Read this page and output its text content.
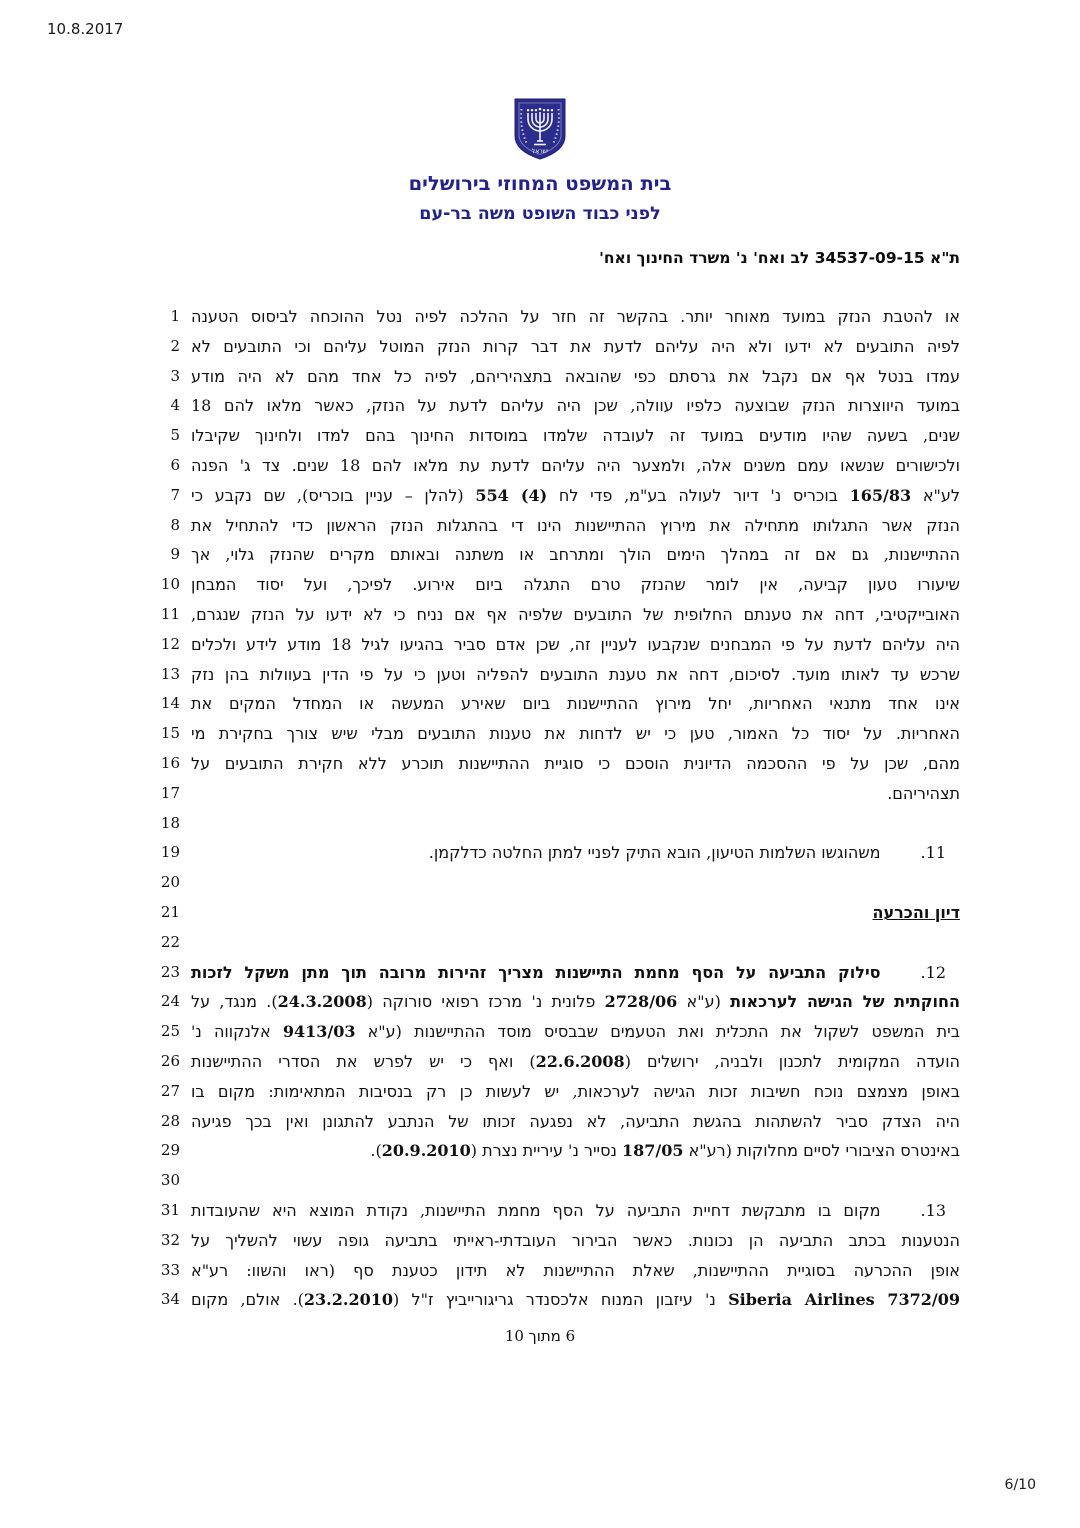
10.8.2017
ישראל
בית המשפט המחוזי בירושלים
לפני כבוד השופט משה בר-עם
ת"א ⁦34537-09-15⁩ לב ואח' נ' משרד החינוך ואח'
1 או להטבת הנזק במועד מאוחר יותר. בהקשר זה חזר על ההלכה לפיה נטל ההוכחה לביסוס הטענה
2 לפיה התובעים לא ידעו ולא היה עליהם לדעת את דבר קרות הנזק המוטל עליהם וכי התובעים לא
3 עמדו בנטל אף אם נקבל את גרסתם כפי שהובאה בתצהיריהם, לפיה כל אחד מהם לא היה מודע
4 במועד היווצרות הנזק שבוצעה כלפיו עוולה, שכן היה עליהם לדעת על הנזק, כאשר מלאו להם 18
5 שנים, בשעה שהיו מודעים במועד זה לעובדה שלמדו במוסדות החינוך בהם למדו ולחינוך שקיבלו
6 ולכישורים שנשאו עמם משנים אלה, ולמצער היה עליהם לדעת עת מלאו להם 18 שנים. צד ג' הפנה
7	לע"א 165/83 בוכריס נ' דיור לעולה בע"מ, פדי לח (4) 554 (להלן – עניין בוכריס), שם נקבע כי
8 הנזק אשר התגלותו מתחילה את מירוץ ההתיישנות הינו די בהתגלות הנזק הראשון כדי להתחיל את
9 ההתיישנות, גם אם זה במהלך הימים הולך ומתרחב או משתנה ובאותם מקרים שהנזק גלוי, אך
10 שיעורו טעון קביעה, אין לומר שהנזק טרם התגלה ביום אירוע. לפיכך, ועל יסוד המבחן
11 האובייקטיבי, דחה את טענתם החלופית של התובעים שלפיה אף אם נניח כי לא ידעו על הנזק שנגרם,
12 היה עליהם לדעת על פי המבחנים שנקבעו לעניין זה, שכן אדם סביר בהגיעו לגיל 18 מודע לידע ולכלים
13 שרכש עד לאותו מועד. לסיכום, דחה את טענת התובעים להפליה וטען כי על פי הדין בעוולות בהן נזק
14 אינו אחד מתנאי האחריות, יחל מירוץ ההתיישנות ביום שאירע המעשה או המחדל המקים את
15 האחריות. על יסוד כל האמור, טען כי יש לדחות את טענות התובעים מבלי שיש צורך בחקירת מי
16 מהם, שכן על פי ההסכמה הדיונית הוסכם כי סוגיית ההתיישנות תוכרע ללא חקירת התובעים על
17	תצהיריהם.
18
19	11.משהוגשו השלמות הטיעון, הובא התיק לפניי למתן החלטה כדלקמן.
20
21	דיון והכרעה
22
23	12.סילוק התביעה על הסף מחמת התיישנות מצריך זהירות מרובה תוך מתן משקל לזכות
24	החוקתית של הגישה לערכאות (ע"א 2728/06 פלונית נ' מרכז רפואי סורוקה (24.3.2008). מנגד, על
25	בית המשפט לשקול את התכלית ואת הטעמים שבבסיס מוסד ההתיישנות (ע"א 9413/03 אלנקווה נ'
26	הועדה המקומית לתכנון ולבניה, ירושלים (22.6.2008) ואף כי יש לפרש את הסדרי ההתיישנות
27 באופן מצמצם נוכח חשיבות זכות הגישה לערכאות, יש לעשות כן רק בנסיבות המתאימות: מקום בו
28 היה הצדק סביר להשתהות בהגשת התביעה, לא נפגעה זכותו של הנתבע להתגונן ואין בכך פגיעה
29	באינטרס הציבורי לסיים מחלוקות (רע"א 187/05 נסייר נ' עיריית נצרת (20.9.2010).
30
31	13.מקום בו מתבקשת דחיית התביעה על הסף מחמת התיישנות, נקודת המוצא היא שהעובדות
32 הנטענות בכתב התביעה הן נכונות. כאשר הבירור העובדתי-ראייתי בתביעה גופה עשוי להשליך על
33 אופן ההכרעה בסוגיית ההתיישנות, שאלת ההתיישנות לא תידון כטענת סף (ראו והשוו: רע"א
34	7372/09 Siberia Airlines נ' עיזבון המנוח אלכסנדר גריגורייביץ ז"ל (23.2.2010). אולם, מקום
6 מתוך 10
6/10
